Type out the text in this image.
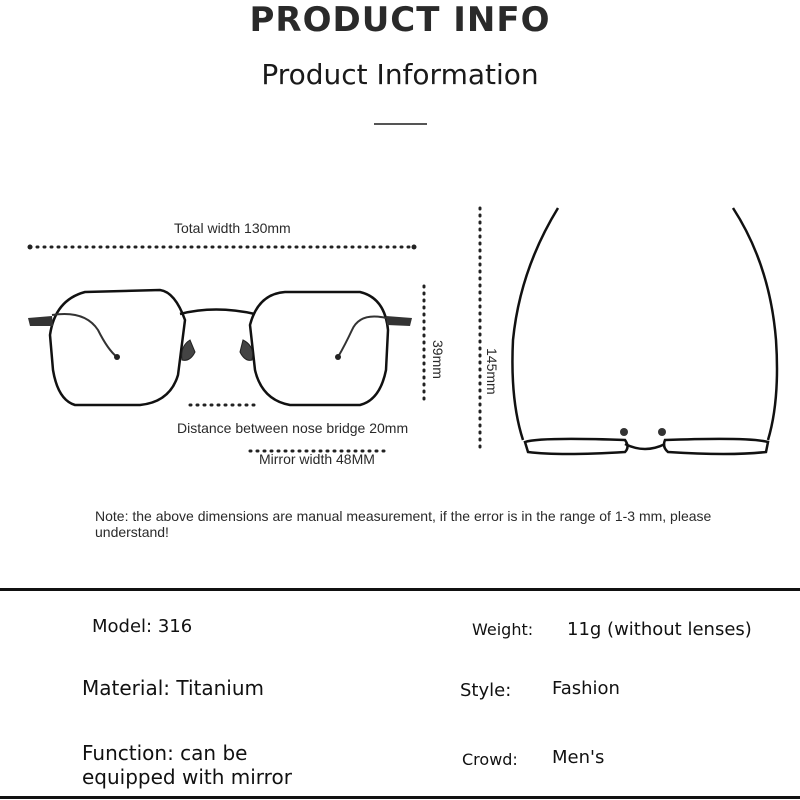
PRODUCT INFO
Product Information
Total width 130mm
39mm
Distance between nose bridge 20mm
Mirror width 48MM
145mm
Note: the above dimensions are manual measurement, if the error is in the range of 1-3 mm, please understand!
Model: 316
Material: Titanium
Function: can be
equipped with mirror
Weight: 11g (without lenses)
Style: Fashion
Crowd: Men's
